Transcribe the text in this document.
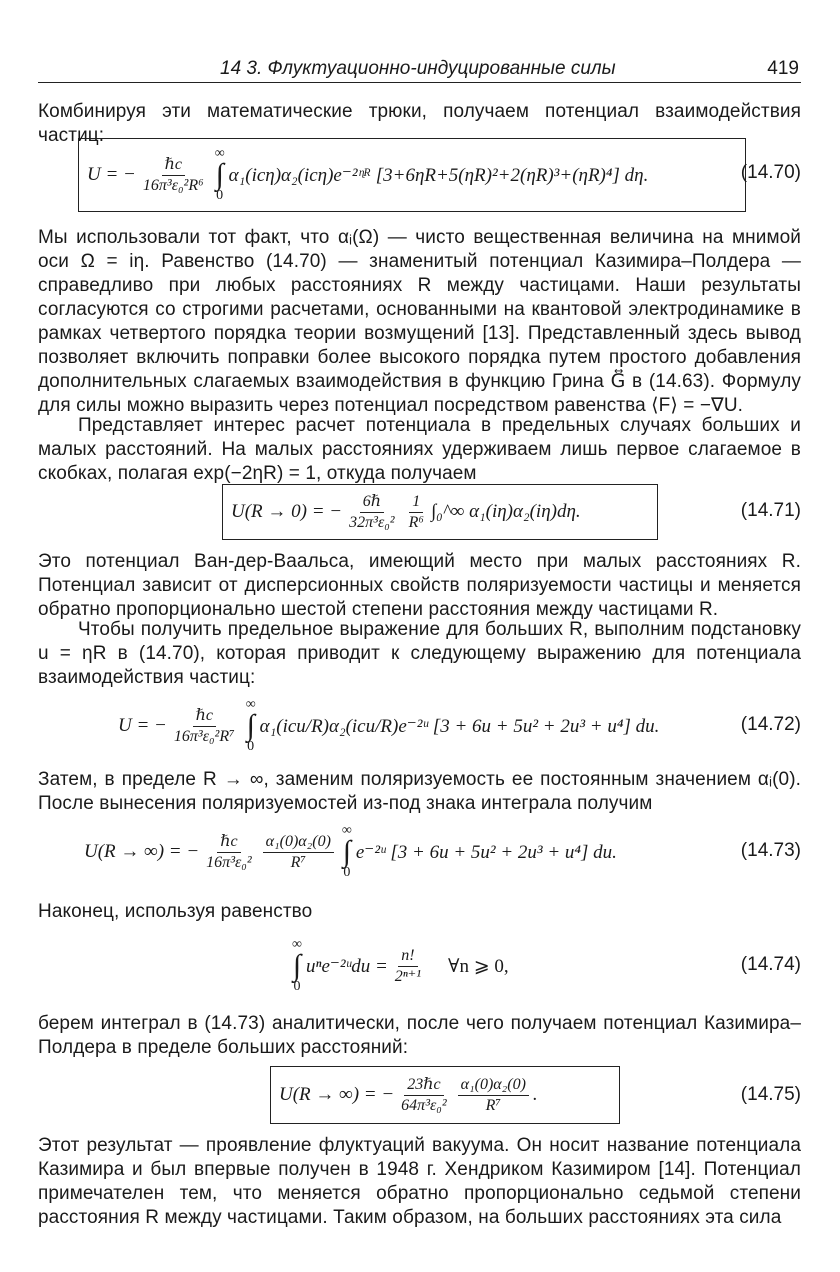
14 3. Флуктуационно-индуцированные силы	419

Комбинируя эти математические трюки, получаем потенциал взаимодействия частиц:

U = − $\frac{\text{ℏc}}{\text{16π³ε₀²R⁶}}$
∞
∫
0
α₁(icη)α₂(icη)e⁻²ᶯᴿ [3+6ηR+5(ηR)²+2(ηR)³+(ηR)⁴] dη.	(14.70)

Мы использовали тот факт, что αᵢ(Ω) — чисто вещественная величина на мнимой оси Ω = iη. Равенство (14.70) — знаменитый потенциал Казимира–Полдера — справедливо при любых расстояниях R между частицами. Наши результаты согласуются со строгими расчетами, основанными на квантовой электродинамике в рамках четвертого порядка теории возмущений [13]. Представленный здесь вывод позволяет включить поправки более высокого порядка путем простого добавления дополнительных слагаемых взаимодействия в функцию Грина G⃡ в (14.63). Формулу для силы можно выразить через потенциал посредством равенства ⟨F⟩ = −∇U.

Представляет интерес расчет потенциала в предельных случаях больших и малых расстояний. На малых расстояниях удерживаем лишь первое слагаемое в скобках, полагая exp(−2ηR) = 1, откуда получаем

U(R → 0) = − $\frac{\text{6ℏ}}{\text{32π³ε₀²}} \frac{1}{\text{R⁶}}$ ∫₀^∞ α₁(iη)α₂(iη)dη.	(14.71)

Это потенциал Ван-дер-Ваальса, имеющий место при малых расстояниях R. Потенциал зависит от дисперсионных свойств поляризуемости частицы и меняется обратно пропорционально шестой степени расстояния между частицами R.

Чтобы получить предельное выражение для больших R, выполним подстановку u = ηR в (14.70), которая приводит к следующему выражению для потенциала взаимодействия частиц:

U = − $\frac{\text{ℏc}}{\text{16π³ε₀²R⁷}}$
∞
∫
0
α₁(icu/R)α₂(icu/R)e⁻²ᵘ [3 + 6u + 5u² + 2u³ + u⁴] du.	(14.72)

Затем, в пределе R → ∞, заменим поляризуемость ее постоянным значением αᵢ(0). После вынесения поляризуемостей из-под знака интеграла получим

U(R → ∞) = − $\frac{\text{ℏc}}{\text{16π³ε₀²}} \frac{\text{α₁(0)α₂(0)}}{\text{R⁷}}$
∞
∫
0
e⁻²ᵘ [3 + 6u + 5u² + 2u³ + u⁴] du.	(14.73)

Наконец, используя равенство

∞
∫
0
uⁿe⁻²ᵘdu = $\frac{n!}{\text{2ⁿ⁺¹}}$ ∀n ⩾ 0,	(14.74)

берем интеграл в (14.73) аналитически, после чего получаем потенциал Казимира–Полдера в пределе больших расстояний:

U(R → ∞) = − $\frac{\text{23ℏc}}{\text{64π³ε₀²}} \frac{\text{α₁(0)α₂(0)}}{\text{R⁷}}$ .	(14.75)

Этот результат — проявление флуктуаций вакуума. Он носит название потенциала Казимира и был впервые получен в 1948 г. Хендриком Казимиром [14]. Потенциал примечателен тем, что меняется обратно пропорционально седьмой степени расстояния R между частицами. Таким образом, на больших расстояниях эта сила
